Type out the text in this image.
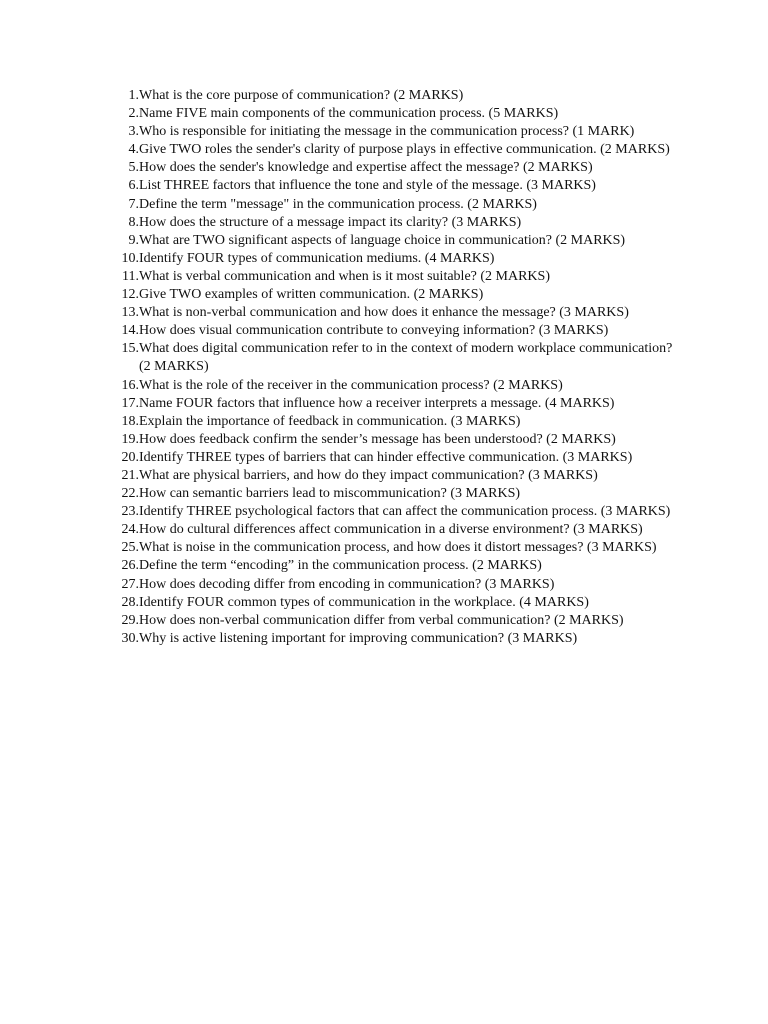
1. What is the core purpose of communication? (2 MARKS)
2. Name FIVE main components of the communication process. (5 MARKS)
3. Who is responsible for initiating the message in the communication process? (1 MARK)
4. Give TWO roles the sender's clarity of purpose plays in effective communication. (2 MARKS)
5. How does the sender's knowledge and expertise affect the message? (2 MARKS)
6. List THREE factors that influence the tone and style of the message. (3 MARKS)
7. Define the term "message" in the communication process. (2 MARKS)
8. How does the structure of a message impact its clarity? (3 MARKS)
9. What are TWO significant aspects of language choice in communication? (2 MARKS)
10. Identify FOUR types of communication mediums. (4 MARKS)
11. What is verbal communication and when is it most suitable? (2 MARKS)
12. Give TWO examples of written communication. (2 MARKS)
13. What is non-verbal communication and how does it enhance the message? (3 MARKS)
14. How does visual communication contribute to conveying information? (3 MARKS)
15. What does digital communication refer to in the context of modern workplace communication? (2 MARKS)
16. What is the role of the receiver in the communication process? (2 MARKS)
17. Name FOUR factors that influence how a receiver interprets a message. (4 MARKS)
18. Explain the importance of feedback in communication. (3 MARKS)
19. How does feedback confirm the sender’s message has been understood? (2 MARKS)
20. Identify THREE types of barriers that can hinder effective communication. (3 MARKS)
21. What are physical barriers, and how do they impact communication? (3 MARKS)
22. How can semantic barriers lead to miscommunication? (3 MARKS)
23. Identify THREE psychological factors that can affect the communication process. (3 MARKS)
24. How do cultural differences affect communication in a diverse environment? (3 MARKS)
25. What is noise in the communication process, and how does it distort messages? (3 MARKS)
26. Define the term “encoding” in the communication process. (2 MARKS)
27. How does decoding differ from encoding in communication? (3 MARKS)
28. Identify FOUR common types of communication in the workplace. (4 MARKS)
29. How does non-verbal communication differ from verbal communication? (2 MARKS)
30. Why is active listening important for improving communication? (3 MARKS)
